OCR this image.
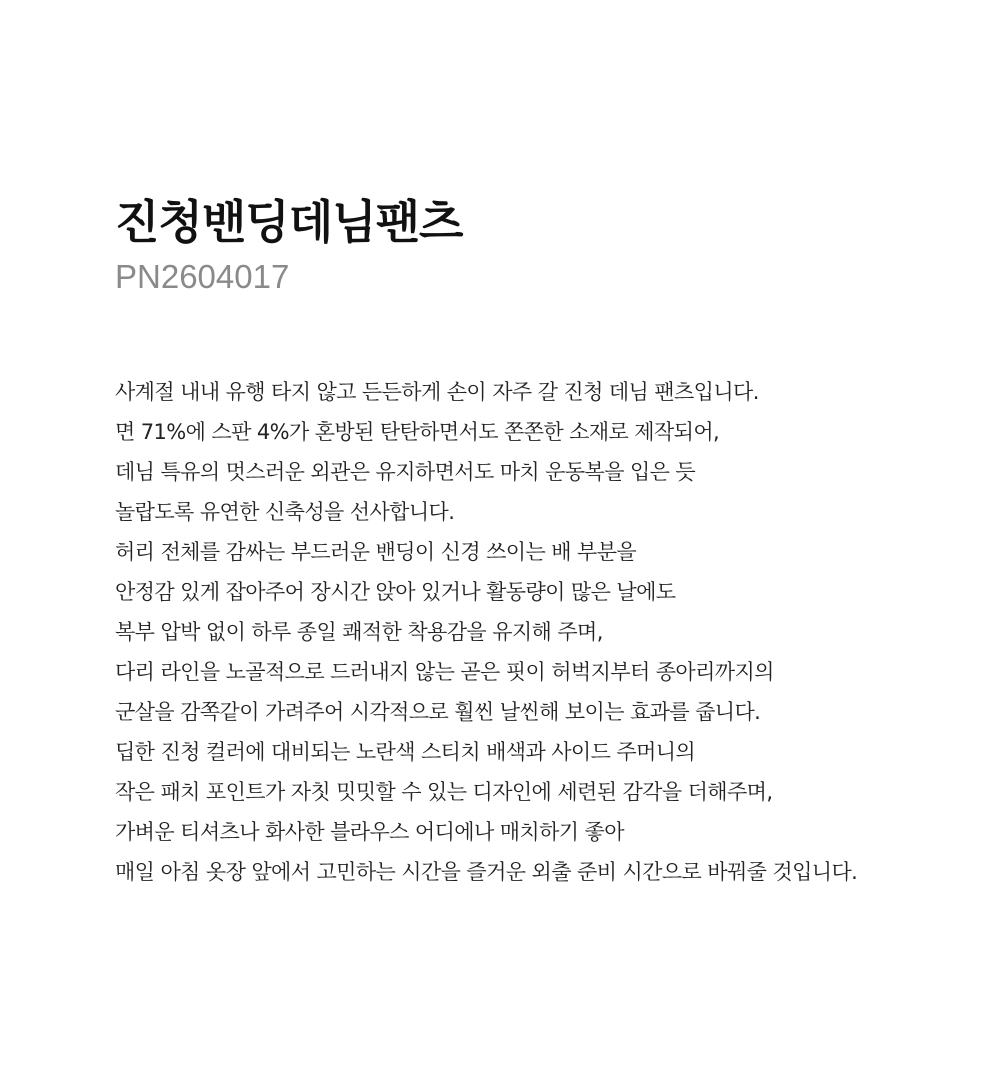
진청밴딩데님팬츠

PN2604017

사계절 내내 유행 타지 않고 든든하게 손이 자주 갈 진청 데님 팬츠입니다.
면 71%에 스판 4%가 혼방된 탄탄하면서도 쫀쫀한 소재로 제작되어,
데님 특유의 멋스러운 외관은 유지하면서도 마치 운동복을 입은 듯
놀랍도록 유연한 신축성을 선사합니다.
허리 전체를 감싸는 부드러운 밴딩이 신경 쓰이는 배 부분을
안정감 있게 잡아주어 장시간 앉아 있거나 활동량이 많은 날에도
복부 압박 없이 하루 종일 쾌적한 착용감을 유지해 주며,
다리 라인을 노골적으로 드러내지 않는 곧은 핏이 허벅지부터 종아리까지의
군살을 감쪽같이 가려주어 시각적으로 훨씬 날씬해 보이는 효과를 줍니다.
딥한 진청 컬러에 대비되는 노란색 스티치 배색과 사이드 주머니의
작은 패치 포인트가 자칫 밋밋할 수 있는 디자인에 세련된 감각을 더해주며,
가벼운 티셔츠나 화사한 블라우스 어디에나 매치하기 좋아
매일 아침 옷장 앞에서 고민하는 시간을 즐거운 외출 준비 시간으로 바꿔줄 것입니다.
